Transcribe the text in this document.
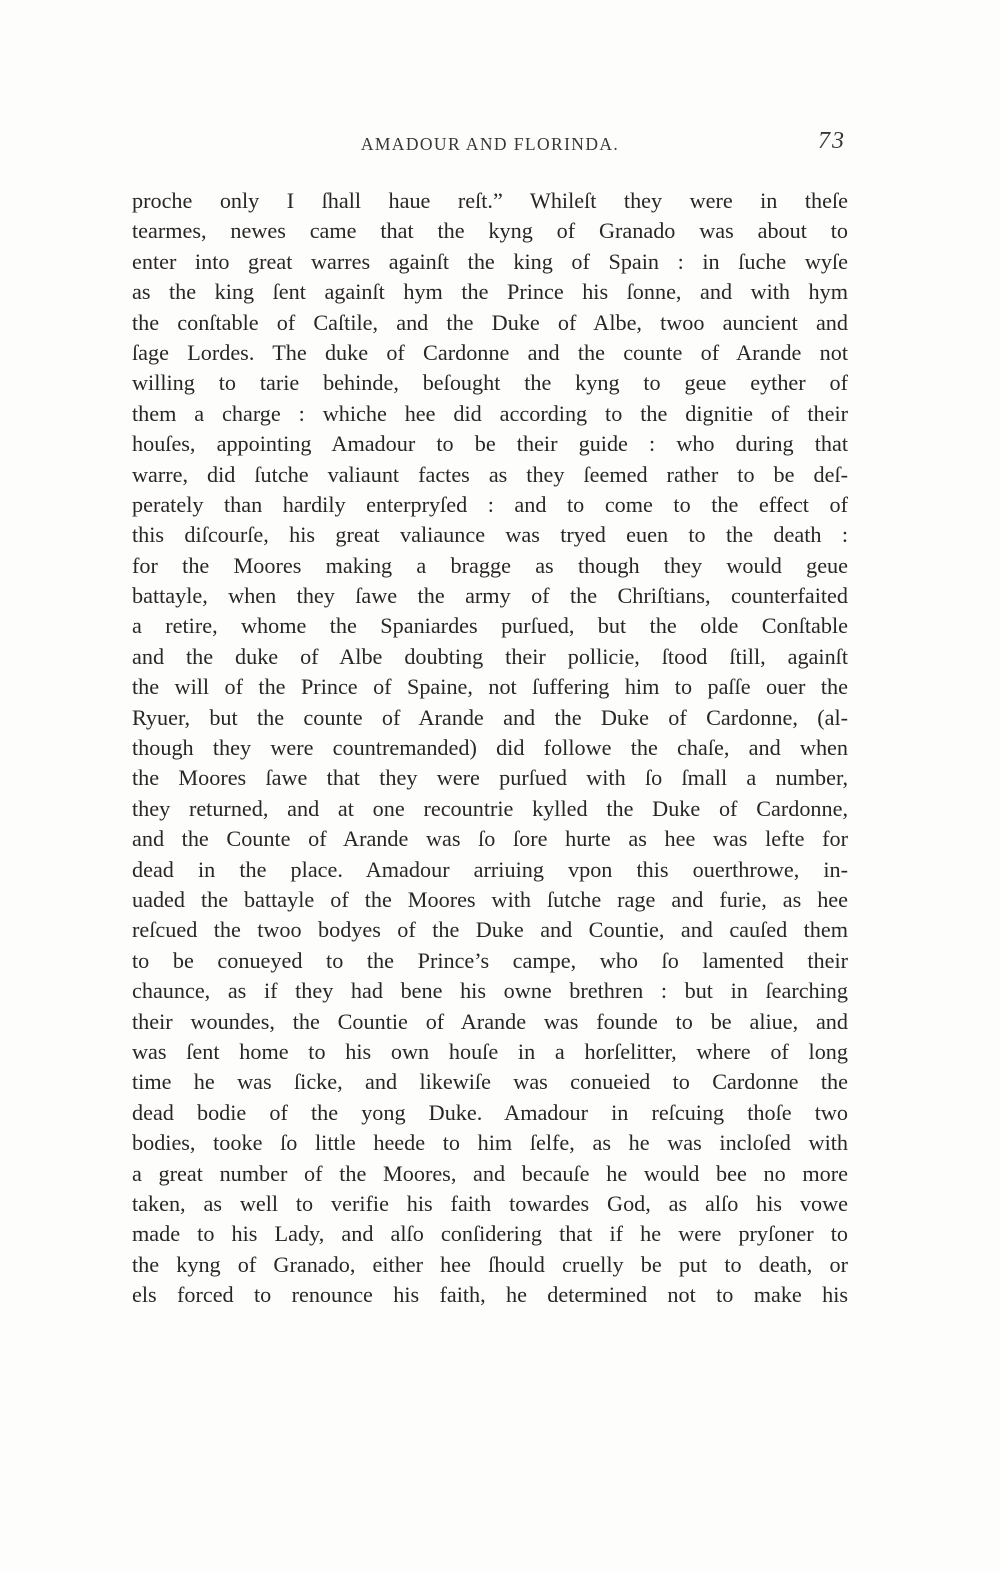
AMADOUR AND FLORINDA.	73
proche only I ſhall haue reſt.” Whileſt they were in theſe
tearmes, newes came that the kyng of Granado was about to
enter into great warres againſt the king of Spain : in ſuche wyſe
as the king ſent againſt hym the Prince his ſonne, and with hym
the conſtable of Caſtile, and the Duke of Albe, twoo auncient and
ſage Lordes. The duke of Cardonne and the counte of Arande not
willing to tarie behinde, beſought the kyng to geue eyther of
them a charge : whiche hee did according to the dignitie of their
houſes, appointing Amadour to be their guide : who during that
warre, did ſutche valiaunt factes as they ſeemed rather to be deſ-
perately than hardily enterpryſed : and to come to the effect of
this diſcourſe, his great valiaunce was tryed euen to the death :
for the Moores making a bragge as though they would geue
battayle, when they ſawe the army of the Chriſtians, counterfaited
a retire, whome the Spaniardes purſued, but the olde Conſtable
and the duke of Albe doubting their pollicie, ſtood ſtill, againſt
the will of the Prince of Spaine, not ſuffering him to paſſe ouer the
Ryuer, but the counte of Arande and the Duke of Cardonne, (al-
though they were countremanded) did followe the chaſe, and when
the Moores ſawe that they were purſued with ſo ſmall a number,
they returned, and at one recountrie kylled the Duke of Cardonne,
and the Counte of Arande was ſo ſore hurte as hee was lefte for
dead in the place. Amadour arriuing vpon this ouerthrowe, in-
uaded the battayle of the Moores with ſutche rage and furie, as hee
reſcued the twoo bodyes of the Duke and Countie, and cauſed them
to be conueyed to the Prince’s campe, who ſo lamented their
chaunce, as if they had bene his owne brethren : but in ſearching
their woundes, the Countie of Arande was founde to be aliue, and
was ſent home to his own houſe in a horſelitter, where of long
time he was ſicke, and likewiſe was conueied to Cardonne the
dead bodie of the yong Duke. Amadour in reſcuing thoſe two
bodies, tooke ſo little heede to him ſelfe, as he was incloſed with
a great number of the Moores, and becauſe he would bee no more
taken, as well to verifie his faith towardes God, as alſo his vowe
made to his Lady, and alſo conſidering that if he were pryſoner to
the kyng of Granado, either hee ſhould cruelly be put to death, or
els forced to renounce his faith, he determined not to make his
